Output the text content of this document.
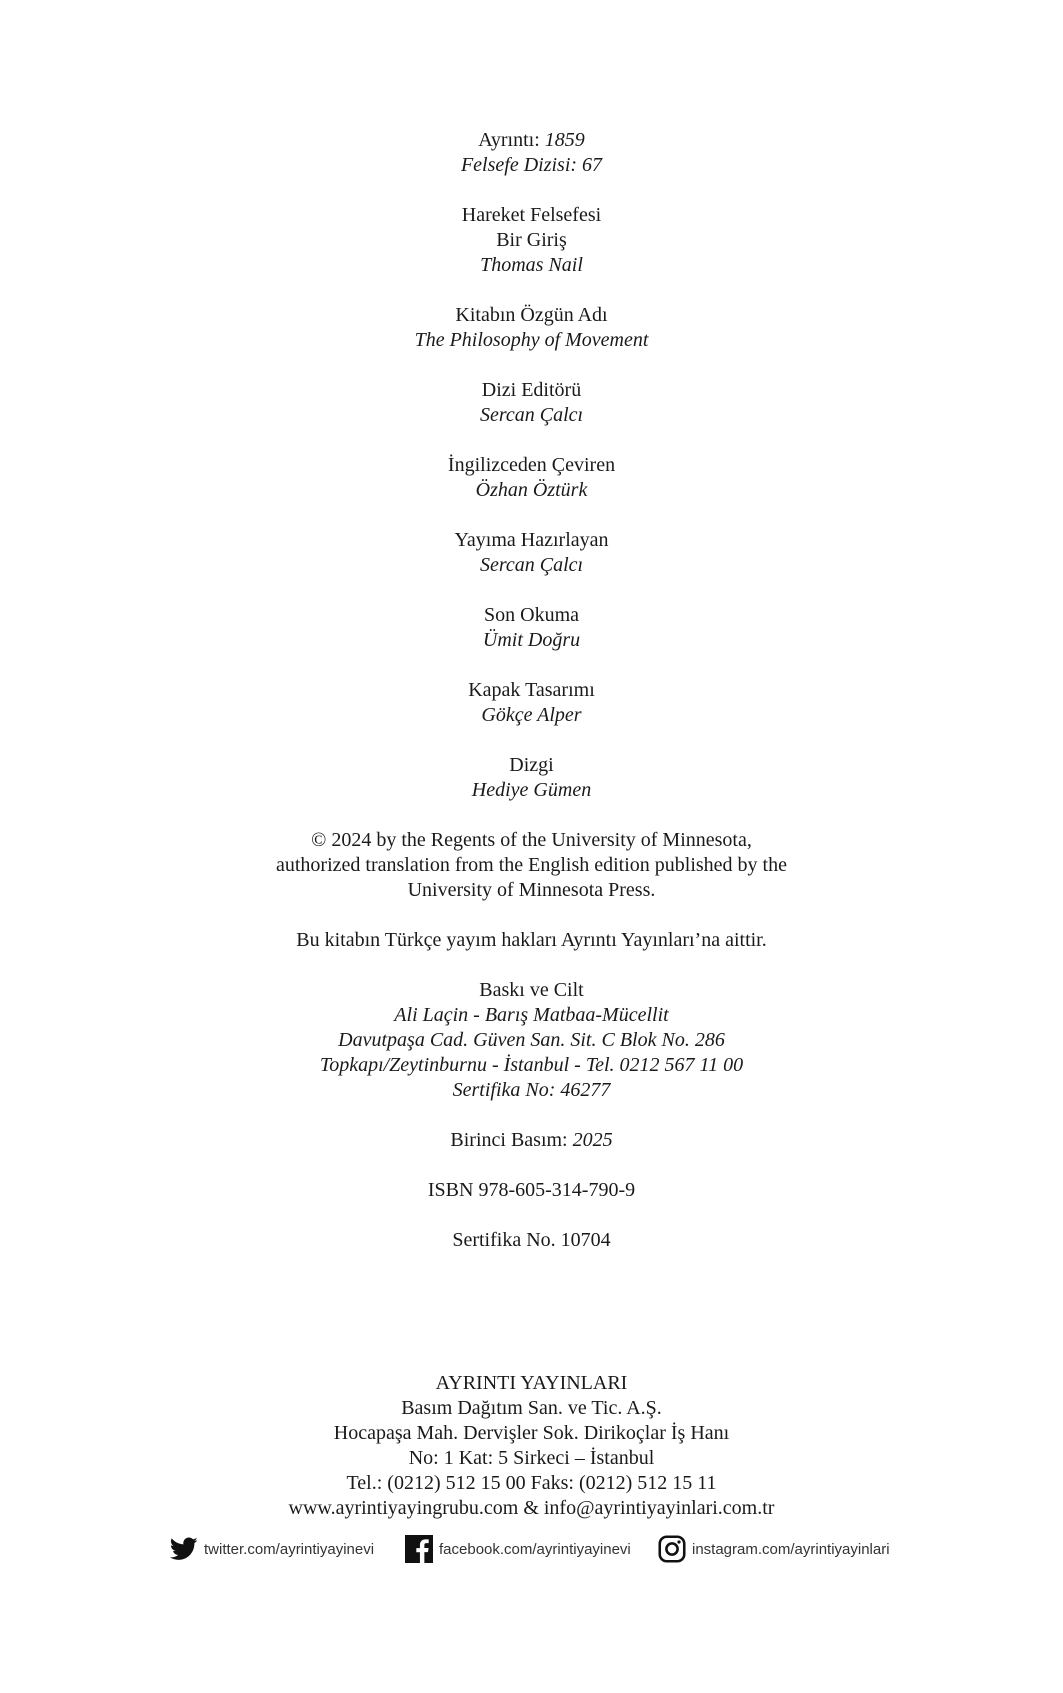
Ayrıntı: 1859
Felsefe Dizisi: 67
Hareket Felsefesi
Bir Giriş
Thomas Nail
Kitabın Özgün Adı
The Philosophy of Movement
Dizi Editörü
Sercan Çalcı
İngilizceden Çeviren
Özhan Öztürk
Yayıma Hazırlayan
Sercan Çalcı
Son Okuma
Ümit Doğru
Kapak Tasarımı
Gökçe Alper
Dizgi
Hediye Gümen
© 2024 by the Regents of the University of Minnesota,
authorized translation from the English edition published by the
University of Minnesota Press.
Bu kitabın Türkçe yayım hakları Ayrıntı Yayınları’na aittir.
Baskı ve Cilt
Ali Laçin - Barış Matbaa-Mücellit
Davutpaşa Cad. Güven San. Sit. C Blok No. 286
Topkapı/Zeytinburnu - İstanbul - Tel. 0212 567 11 00
Sertifika No: 46277
Birinci Basım: 2025
ISBN 978-605-314-790-9
Sertifika No. 10704
AYRINTI YAYINLARI
Basım Dağıtım San. ve Tic. A.Ş.
Hocapaşa Mah. Dervişler Sok. Dirikoçlar İş Hanı
No: 1 Kat: 5 Sirkeci – İstanbul
Tel.: (0212) 512 15 00 Faks: (0212) 512 15 11
www.ayrintiyayingrubu.com & info@ayrintiyayinlari.com.tr
twitter.com/ayrintiyayinevi	facebook.com/ayrintiyayinevi	instagram.com/ayrintiyayinlari
